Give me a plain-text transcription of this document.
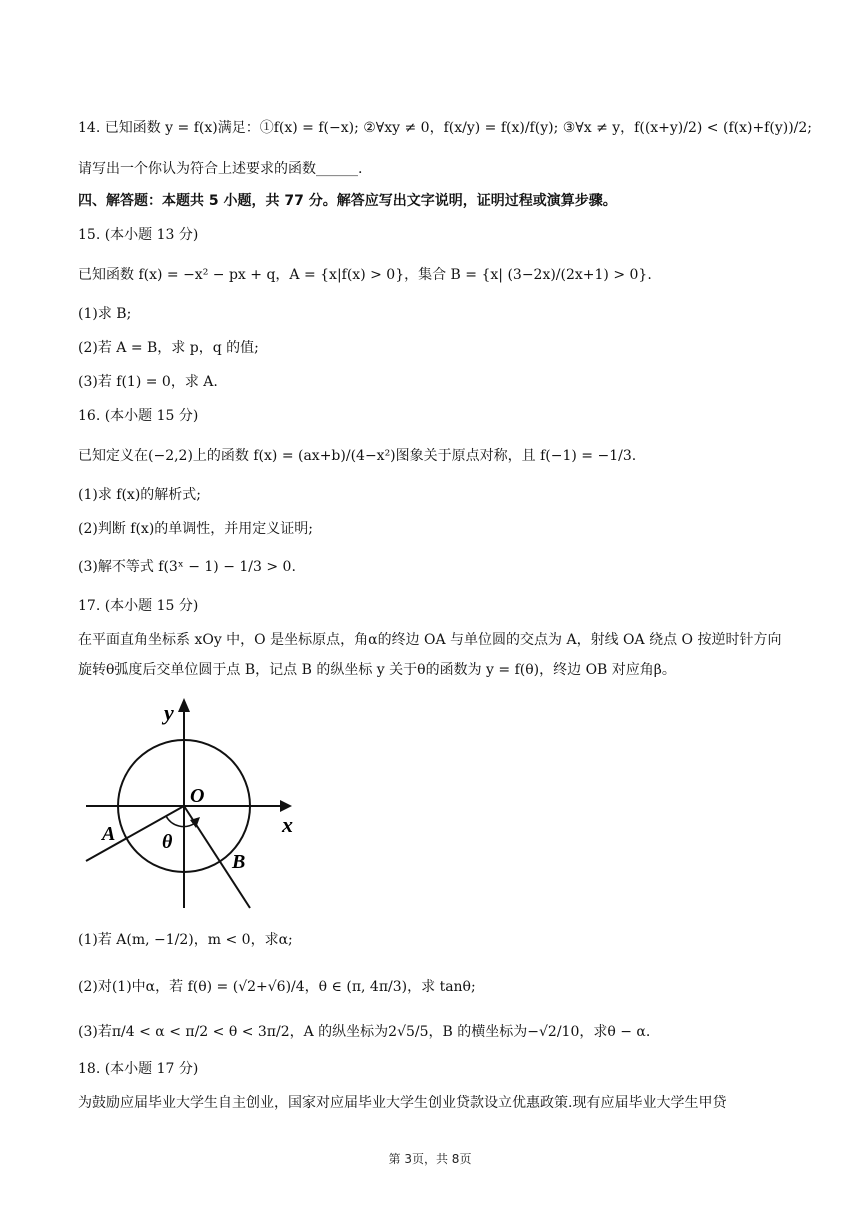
14. 已知函数 y = f(x)满足：①f(x) = f(−x); ②∀xy ≠ 0，f(x/y) = f(x)/f(y); ③∀x ≠ y，f((x+y)/2) < (f(x)+f(y))/2;
请写出一个你认为符合上述要求的函数______.
四、解答题：本题共 5 小题，共 77 分。解答应写出文字说明，证明过程或演算步骤。
15. (本小题 13 分)
已知函数 f(x) = −x² − px + q，A = {x|f(x) > 0}，集合 B = {x| (3−2x)/(2x+1) > 0}.
(1)求 B;
(2)若 A = B，求 p，q 的值;
(3)若 f(1) = 0，求 A.
16. (本小题 15 分)
已知定义在(−2,2)上的函数 f(x) = (ax+b)/(4−x²)图象关于原点对称，且 f(−1) = −1/3.
(1)求 f(x)的解析式;
(2)判断 f(x)的单调性，并用定义证明;
(3)解不等式 f(3ˣ − 1) − 1/3 > 0.
17. (本小题 15 分)
在平面直角坐标系 xOy 中，O 是坐标原点，角α的终边 OA 与单位圆的交点为 A，射线 OA 绕点 O 按逆时针方向旋转θ弧度后交单位圆于点 B，记点 B 的纵坐标 y 关于θ的函数为 y = f(θ)，终边 OB 对应角β。
y
O
x
A θ
B
(1)若 A(m, −1/2)，m < 0，求α;
(2)对(1)中α，若 f(θ) = (√2+√6)/4，θ ∈ (π, 4π/3)，求 tanθ;
(3)若π/4 < α < π/2 < θ < 3π/2，A 的纵坐标为2√5/5，B 的横坐标为−√2/10，求θ − α.
18. (本小题 17 分)
为鼓励应届毕业大学生自主创业，国家对应届毕业大学生创业贷款设立优惠政策.现有应届毕业大学生甲贷
第 3页，共 8页
